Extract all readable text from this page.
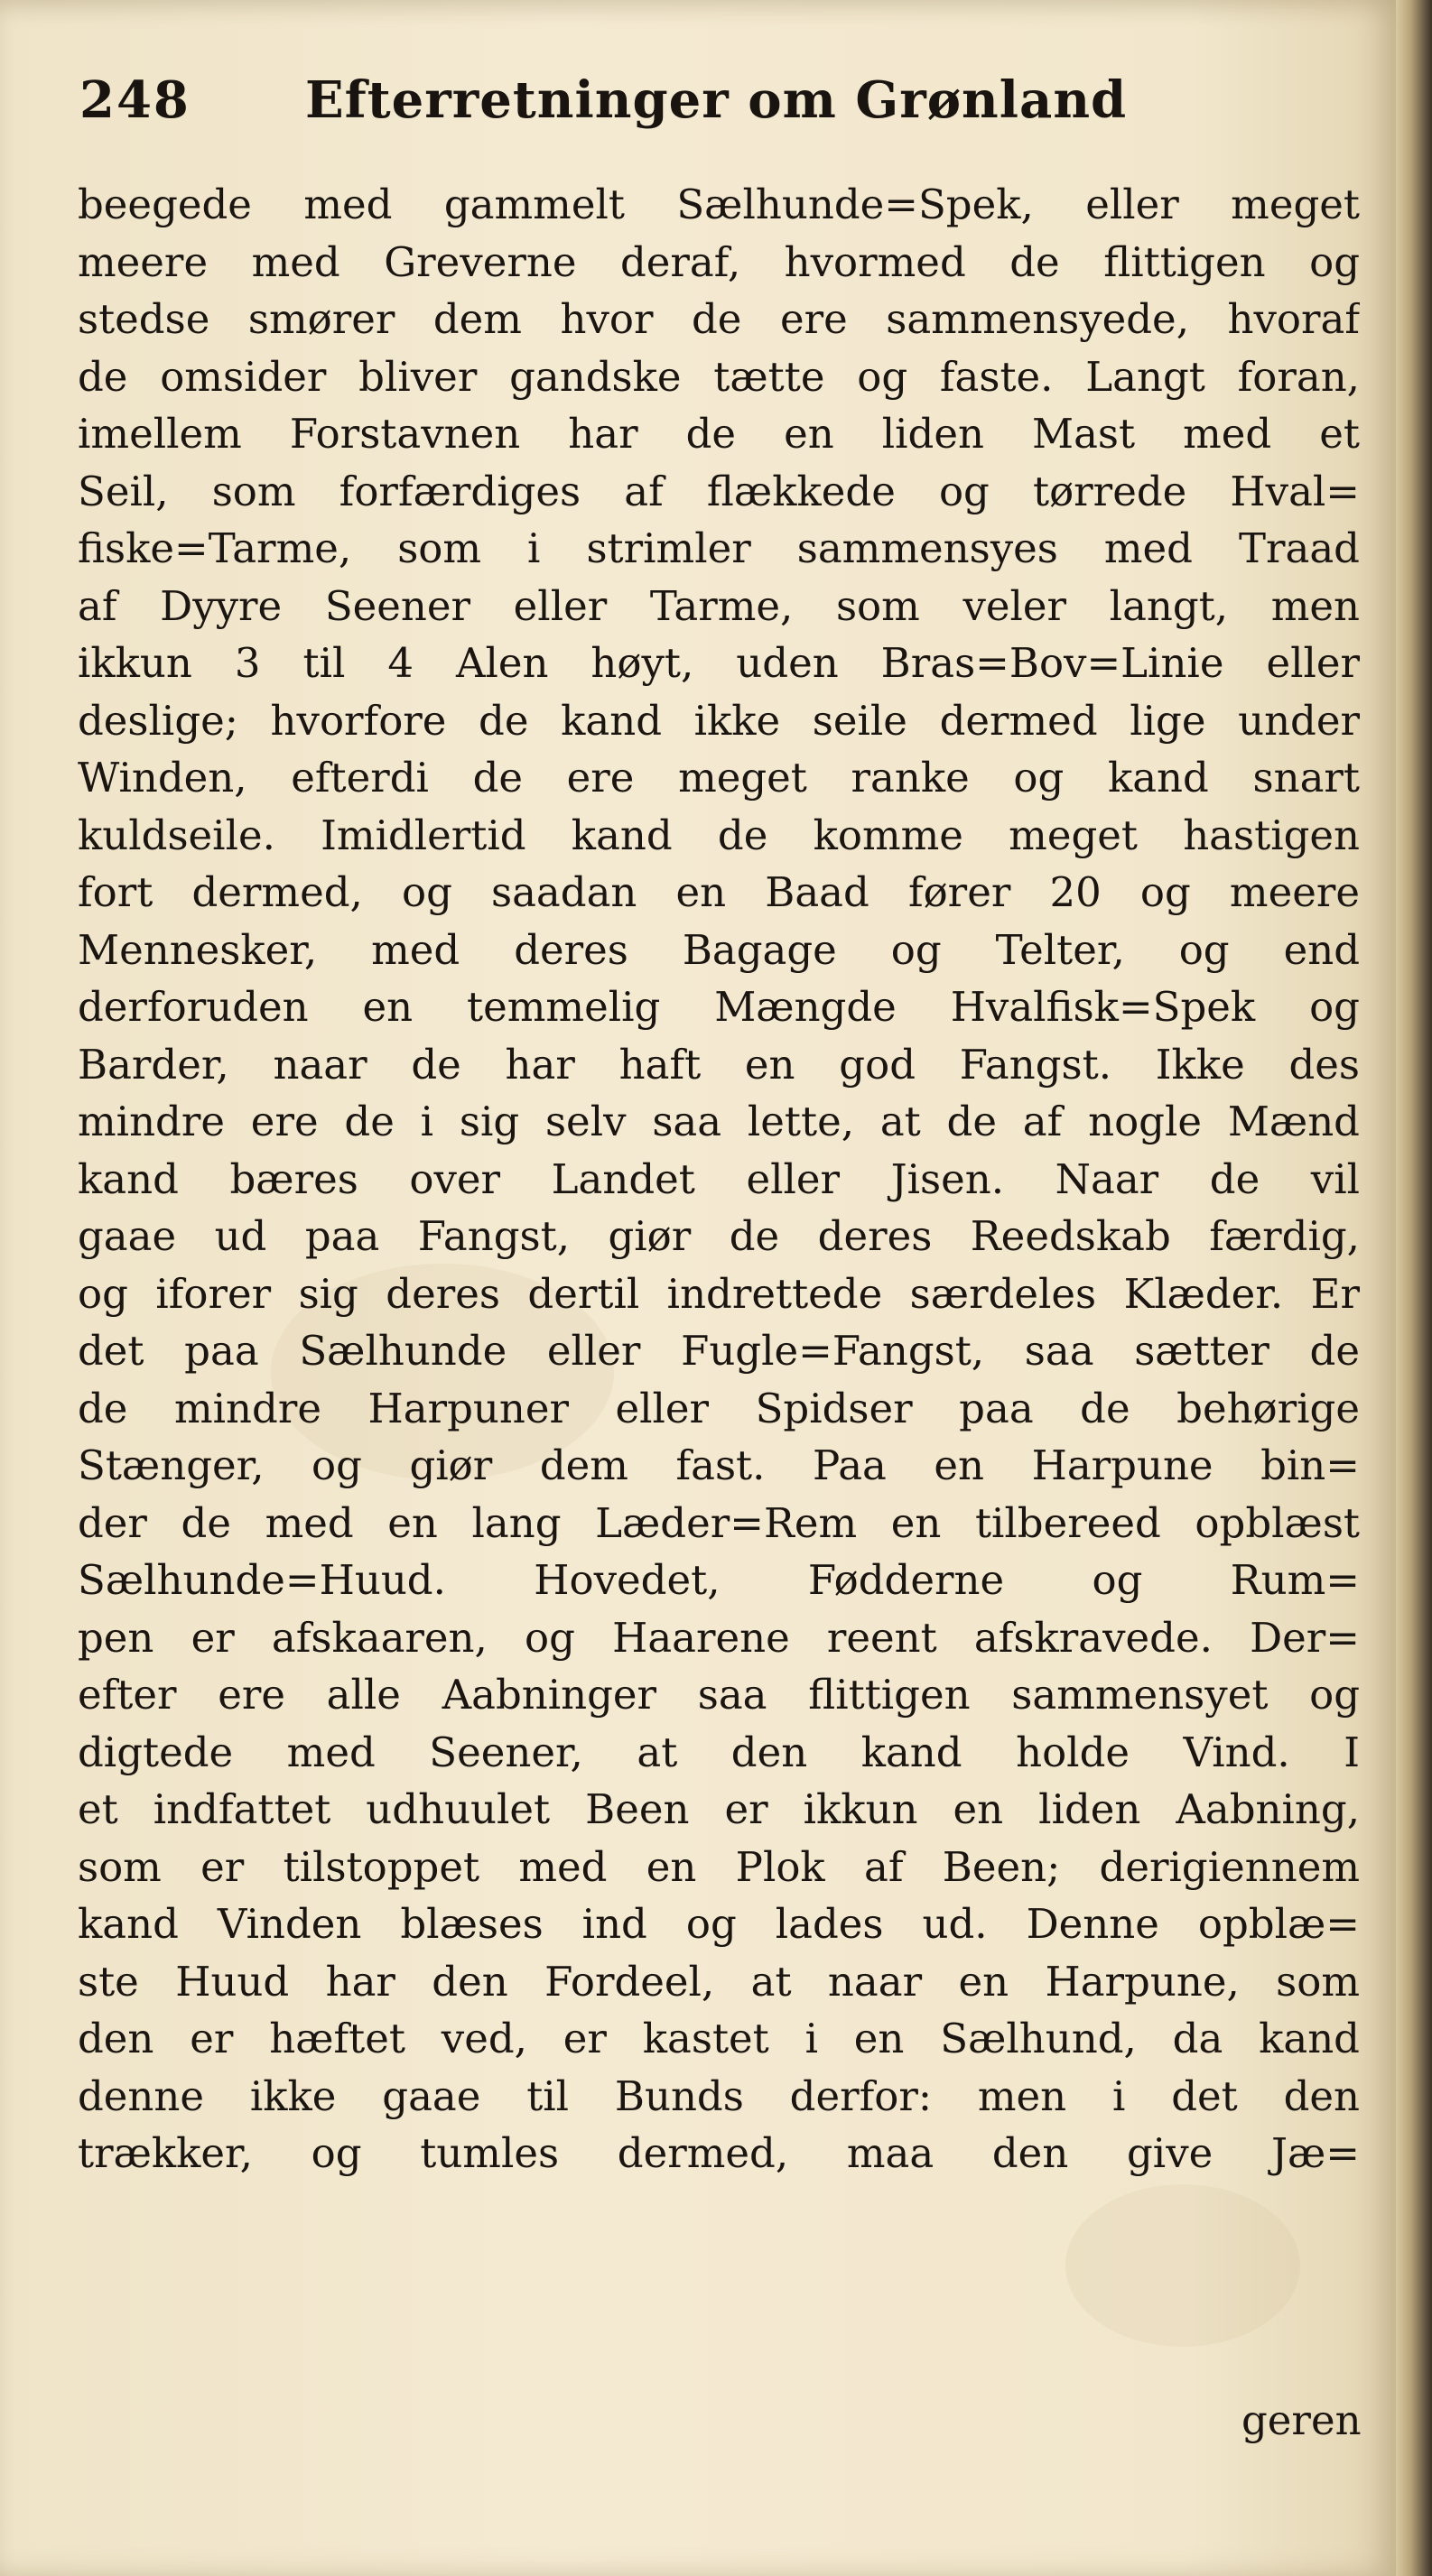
248 Efterretninger om Grønland
beegede med gammelt Sælhunde=Spek, eller meget
meere med Greverne deraf, hvormed de flittigen og
stedse smører dem hvor de ere sammensyede, hvoraf
de omsider bliver gandske tætte og faste. Langt foran,
imellem Forstavnen har de en liden Mast med et
Seil, som forfærdiges af flækkede og tørrede Hval=
fiske=Tarme, som i strimler sammensyes med Traad
af Dyyre Seener eller Tarme, som veler langt, men
ikkun 3 til 4 Alen høyt, uden Bras=Bov=Linie eller
deslige; hvorfore de kand ikke seile dermed lige under
Winden, efterdi de ere meget ranke og kand snart
kuldseile. Imidlertid kand de komme meget hastigen
fort dermed, og saadan en Baad fører 20 og meere
Mennesker, med deres Bagage og Telter, og end
derforuden en temmelig Mængde Hvalfisk=Spek og
Barder, naar de har haft en god Fangst. Ikke des
mindre ere de i sig selv saa lette, at de af nogle Mænd
kand bæres over Landet eller Jisen. Naar de vil
gaae ud paa Fangst, giør de deres Reedskab færdig,
og iforer sig deres dertil indrettede særdeles Klæder. Er
det paa Sælhunde eller Fugle=Fangst, saa sætter de
de mindre Harpuner eller Spidser paa de behørige
Stænger, og giør dem fast. Paa en Harpune bin=
der de med en lang Læder=Rem en tilbereed opblæst
Sælhunde=Huud. Hovedet, Fødderne og Rum=
pen er afskaaren, og Haarene reent afskravede. Der=
efter ere alle Aabninger saa flittigen sammensyet og
digtede med Seener, at den kand holde Vind. I
et indfattet udhuulet Been er ikkun en liden Aabning,
som er tilstoppet med en Plok af Been; derigiennem
kand Vinden blæses ind og lades ud. Denne opblæ=
ste Huud har den Fordeel, at naar en Harpune, som
den er hæftet ved, er kastet i en Sælhund, da kand
denne ikke gaae til Bunds derfor: men i det den
trækker, og tumles dermed, maa den give Jæ=
geren
